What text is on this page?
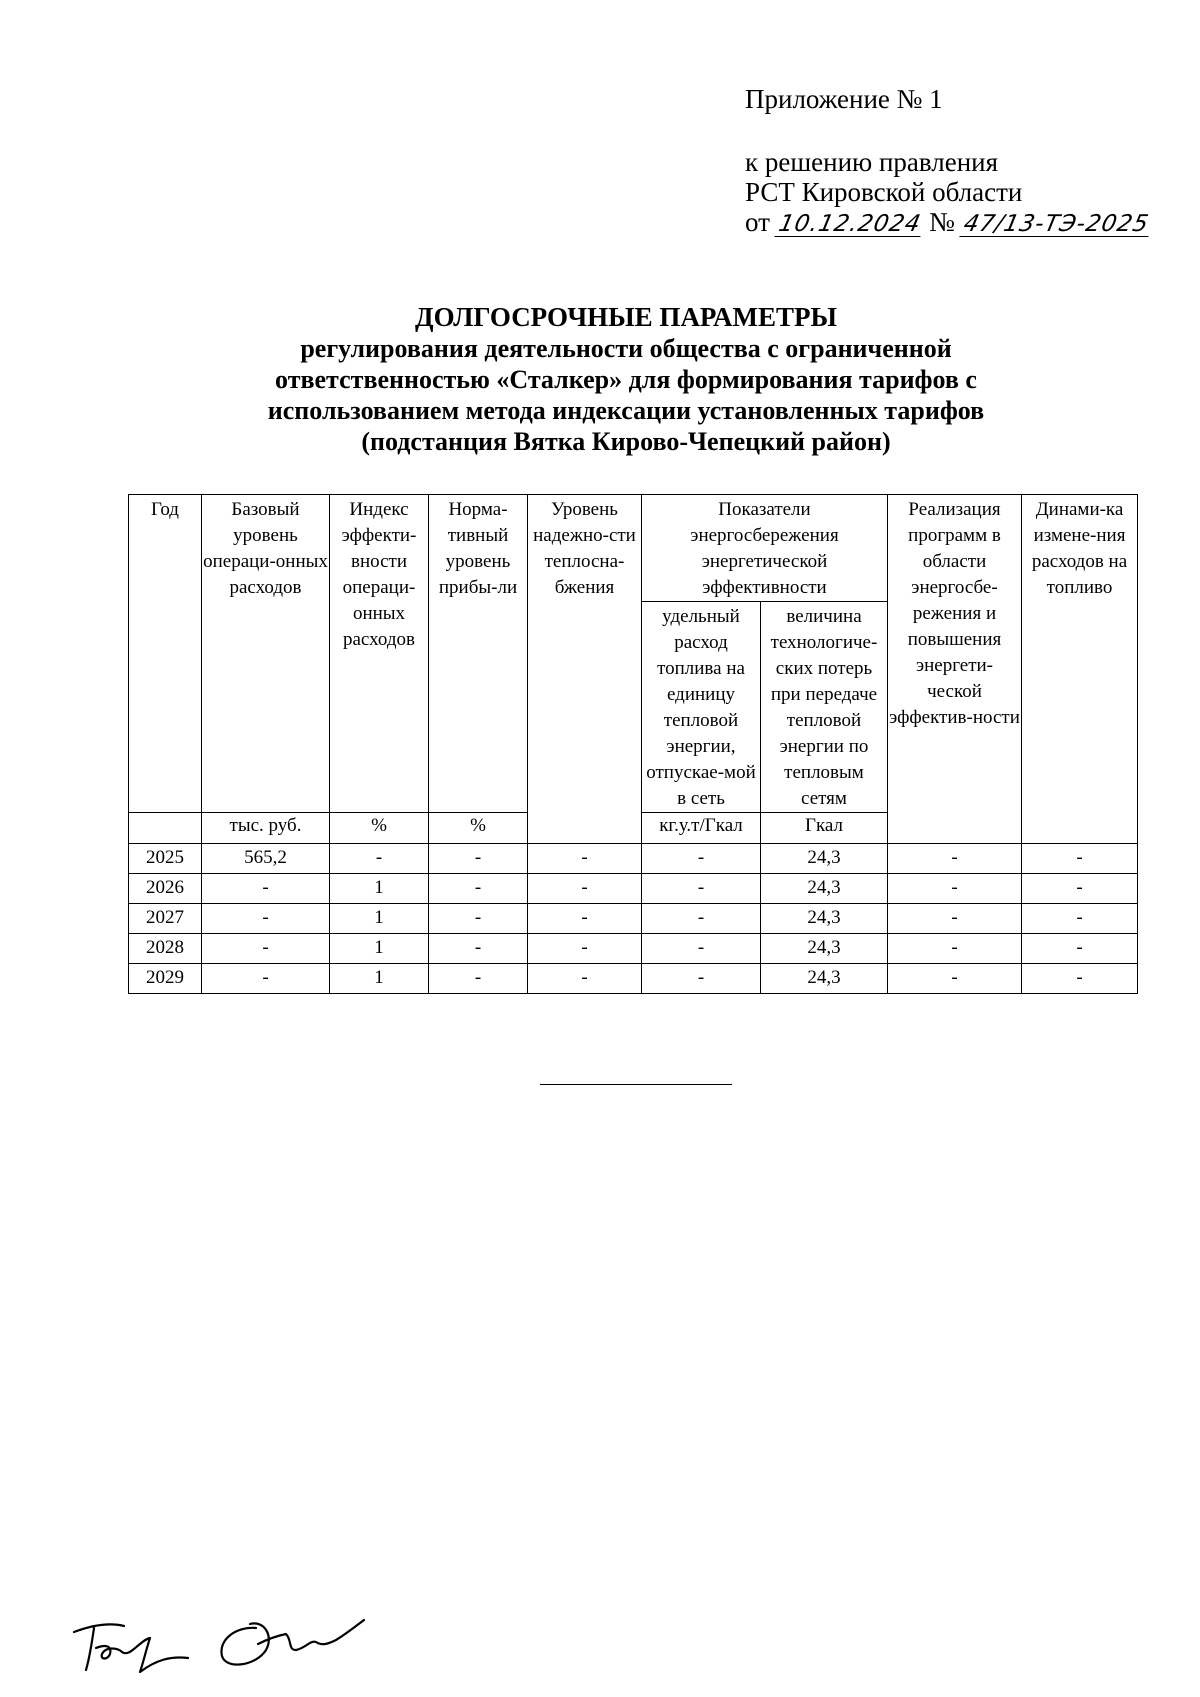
Приложение № 1
к решению правления
РСТ Кировской области
от 10.12.2024 № 47/13-ТЭ-2025
ДОЛГОСРОЧНЫЕ ПАРАМЕТРЫ
регулирования деятельности общества с ограниченной
ответственностью «Сталкер» для формирования тарифов с
использованием метода индексации установленных тарифов
(подстанция Вятка Кирово-Чепецкий район)
Год	Базовый уровень операци-онных расходов	Индекс эффекти-вности операци-онных расходов	Норма-тивный уровень прибы-ли	Уровень надежно-сти теплосна-бжения	Показатели энергосбережения энергетической эффективности		Реализация программ в области энергосбе-режения и повышения энергети-ческой эффектив-ности	Динами-ка измене-ния расходов на топливо

					удельный расход топлива на единицу тепловой энергии, отпускае-мой в сеть	величина технологиче-ских потерь при передаче тепловой энергии по тепловым сетям		

	тыс. руб.	%	%		кг.у.т/Гкал	Гкал		
2025	565,2	-	-	-	-	24,3	-	-
2026	-	1	-	-	-	24,3	-	-
2027	-	1	-	-	-	24,3	-	-
2028	-	1	-	-	-	24,3	-	-
2029	-	1	-	-	-	24,3	-	-
